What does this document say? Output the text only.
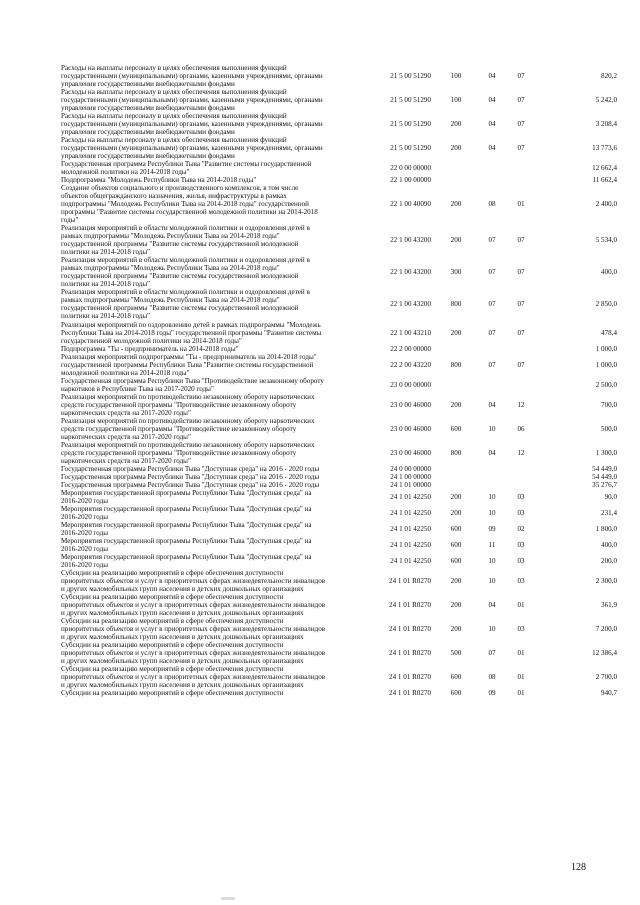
Расходы на выплаты персоналу в целях обеспечения выполнения функций
государственными (муниципальными) органами, казенными учреждениями, органами
управления государственными внебюджетными фондами
21 5 00 51290	100	04	07	820,2
Расходы на выплаты персоналу в целях обеспечения выполнения функций
государственными (муниципальными) органами, казенными учреждениями, органами
управления государственными внебюджетными фондами
21 5 00 51290	100	04	07	5 242,0
Расходы на выплаты персоналу в целях обеспечения выполнения функций
государственными (муниципальными) органами, казенными учреждениями, органами
управления государственными внебюджетными фондами
21 5 00 51290	200	04	07	3 208,4
Расходы на выплаты персоналу в целях обеспечения выполнения функций
государственными (муниципальными) органами, казенными учреждениями, органами
управления государственными внебюджетными фондами
21 5 00 51290	200	04	07	13 773,6
Государственная программа Республики Тыва "Развитие системы государственной
молодежной политики на 2014-2018 годы"
22 0 00 00000	12 662,4
Подпрограмма "Молодежь Республики Тыва на 2014-2018 годы"	22 1 00 00000	11 662,4
Создание объектов социального и производственного комплексов, в том числе
объектов общегражданского назначения, жилья, инфраструктуры в рамках
подпрограммы "Молодежь Республики Тыва на 2014-2018 годы" государственной
программы "Развитие системы государственной молодежной политики на 2014-2018
годы"
22 1 00 40090	200	08	01	2 400,0
Реализация мероприятий в области молодежной политики и оздоровления детей в
рамках подпрограммы "Молодежь Республики Тыва на 2014-2018 годы"
государственной программы "Развитие системы государственной молодежной
политики на 2014-2018 годы"
22 1 00 43200	200	07	07	5 534,0
Реализация мероприятий в области молодежной политики и оздоровления детей в
рамках подпрограммы "Молодежь Республики Тыва на 2014-2018 годы"
государственной программы "Развитие системы государственной молодежной
политики на 2014-2018 годы"
22 1 00 43200	300	07	07	400,0
Реализация мероприятий в области молодежной политики и оздоровления детей в
рамках подпрограммы "Молодежь Республики Тыва на 2014-2018 годы"
государственной программы "Развитие системы государственной молодежной
политики на 2014-2018 годы"
22 1 00 43200	800	07	07	2 850,0
Реализация мероприятий по оздоровлению детей в рамках подпрограммы "Молодежь
Республики Тыва на 2014-2018 годы" государственной программы "Развитие системы
государственной молодежной политики на 2014-2018 годы"
22 1 00 43210	200	07	07	478,4
Подпрограмма "Ты - предприниматель на 2014-2018 годы"	22 2 00 00000	1 000,0
Реализация мероприятий подпрограммы "Ты - предприниматель на 2014-2018 годы"
государственной программы Республики Тыва "Развитие системы государственной
молодежной политики на 2014-2018 годы"
22 2 00 43220	800	07	07	1 000,0
Государственная программа Республики Тыва "Противодействие незаконному обороту
наркотиков в Республике Тыва на 2017-2020 годы"
23 0 00 00000	2 500,0
Реализация мероприятий по противодействию незаконному обороту наркотических
средств государственной программы "Противодействие незаконному обороту
наркотических средств на 2017-2020 годы"
23 0 00 46000	200	04	12	700,0
Реализация мероприятий по противодействию незаконному обороту наркотических
средств государственной программы "Противодействие незаконному обороту
наркотических средств на 2017-2020 годы"
23 0 00 46000	600	10	06	500,0
Реализация мероприятий по противодействию незаконному обороту наркотических
средств государственной программы "Противодействие незаконному обороту
наркотических средств на 2017-2020 годы"
23 0 00 46000	800	04	12	1 300,0
Государственная программа Республики Тыва "Доступная среда" на 2016 - 2020 годы	24 0 00 00000	54 449,0
Государственная программа Республики Тыва "Доступная среда" на 2016 - 2020 годы	24 1 00 00000	54 449,0
Государственная программа Республики Тыва "Доступная среда" на 2016 - 2020 годы	24 1 01 00000	35 276,7
Мероприятия государственной программы Республики Тыва "Доступная среда" на
2016-2020 годы
24 1 01 42250	200	10	03	90,0
Мероприятия государственной программы Республики Тыва "Доступная среда" на
2016-2020 годы
24 1 01 42250	200	10	03	231,4
Мероприятия государственной программы Республики Тыва "Доступная среда" на
2016-2020 годы
24 1 01 42250	600	09	02	1 800,0
Мероприятия государственной программы Республики Тыва "Доступная среда" на
2016-2020 годы
24 1 01 42250	600	11	03	400,0
Мероприятия государственной программы Республики Тыва "Доступная среда" на
2016-2020 годы
24 1 01 42250	600	10	03	200,0
Субсидии на реализацию мероприятий в сфере обеспечения доступности
приоритетных объектов и услуг в приоритетных сферах жизнедеятельности инвалидов
и других маломобильных групп населения в детских дошкольных организациях
24 1 01 R0270	200	10	03	2 300,0
Субсидии на реализацию мероприятий в сфере обеспечения доступности
приоритетных объектов и услуг в приоритетных сферах жизнедеятельности инвалидов
и других маломобильных групп населения в детских дошкольных организациях
24 1 01 R0270	200	04	01	361,9
Субсидии на реализацию мероприятий в сфере обеспечения доступности
приоритетных объектов и услуг в приоритетных сферах жизнедеятельности инвалидов
и других маломобильных групп населения в детских дошкольных организациях
24 1 01 R0270	200	10	03	7 200,0
Субсидии на реализацию мероприятий в сфере обеспечения доступности
приоритетных объектов и услуг в приоритетных сферах жизнедеятельности инвалидов
и других маломобильных групп населения в детских дошкольных организациях
24 1 01 R0270	500	07	01	12 386,4
Субсидии на реализацию мероприятий в сфере обеспечения доступности
приоритетных объектов и услуг в приоритетных сферах жизнедеятельности инвалидов
и других маломобильных групп населения в детских дошкольных организациях
24 1 01 R0270	600	08	01	2 700,0
Субсидии на реализацию мероприятий в сфере обеспечения доступности	24 1 01 R0270	600	09	01	940,7
128
